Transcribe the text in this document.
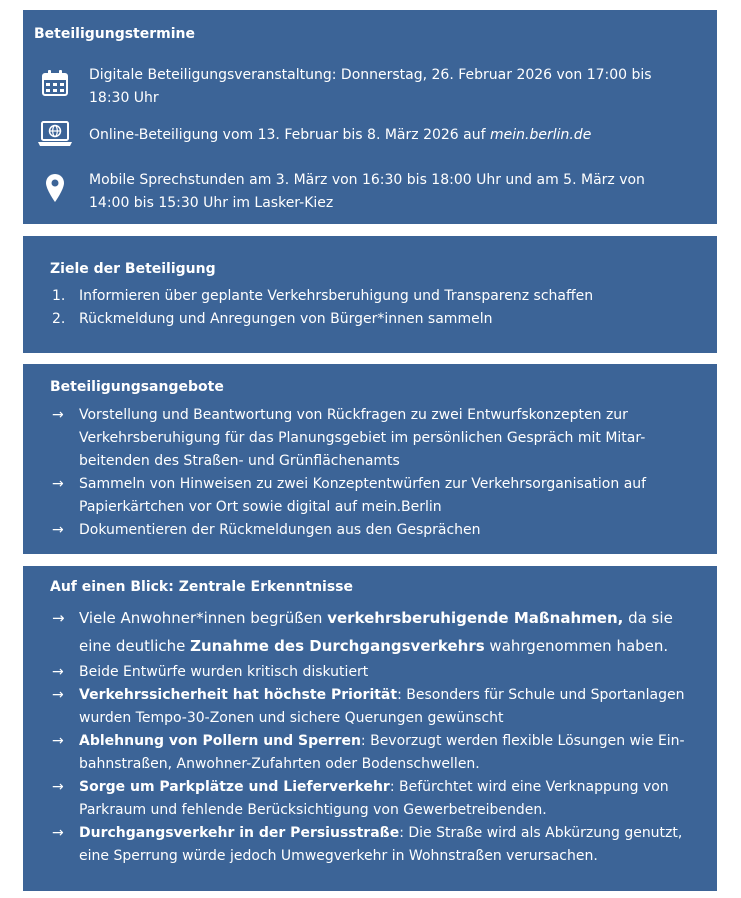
Beteiligungstermine
Digitale Beteiligungsveranstaltung: Donnerstag, 26. Februar 2026 von 17:00 bis 18:30 Uhr
Online-Beteiligung vom 13. Februar bis 8. März 2026 auf mein.berlin.de
Mobile Sprechstunden am 3. März von 16:30 bis 18:00 Uhr und am 5. März von 14:00 bis 15:30 Uhr im Lasker-Kiez
Ziele der Beteiligung
1. Informieren über geplante Verkehrsberuhigung und Transparenz schaffen
2. Rückmeldung und Anregungen von Bürger*innen sammeln
Beteiligungsangebote
→ Vorstellung und Beantwortung von Rückfragen zu zwei Entwurfskonzepten zur Verkehrsberuhigung für das Planungsgebiet im persönlichen Gespräch mit Mitar-beitenden des Straßen- und Grünflächenamts
→ Sammeln von Hinweisen zu zwei Konzeptentwürfen zur Verkehrsorganisation auf Papierkärtchen vor Ort sowie digital auf mein.Berlin
→ Dokumentieren der Rückmeldungen aus den Gesprächen
Auf einen Blick: Zentrale Erkenntnisse
→ Viele Anwohner*innen begrüßen verkehrsberuhigende Maßnahmen, da sie eine deutliche Zunahme des Durchgangsverkehrs wahrgenommen haben.
→ Beide Entwürfe wurden kritisch diskutiert
→ Verkehrssicherheit hat höchste Priorität: Besonders für Schule und Sportanlagen wurden Tempo-30-Zonen und sichere Querungen gewünscht
→ Ablehnung von Pollern und Sperren: Bevorzugt werden flexible Lösungen wie Ein-bahnstraßen, Anwohner-Zufahrten oder Bodenschwellen.
→ Sorge um Parkplätze und Lieferverkehr: Befürchtet wird eine Verknappung von Parkraum und fehlende Berücksichtigung von Gewerbetreibenden.
→ Durchgangsverkehr in der Persiusstraße: Die Straße wird als Abkürzung genutzt, eine Sperrung würde jedoch Umwegverkehr in Wohnstraßen verursachen.
